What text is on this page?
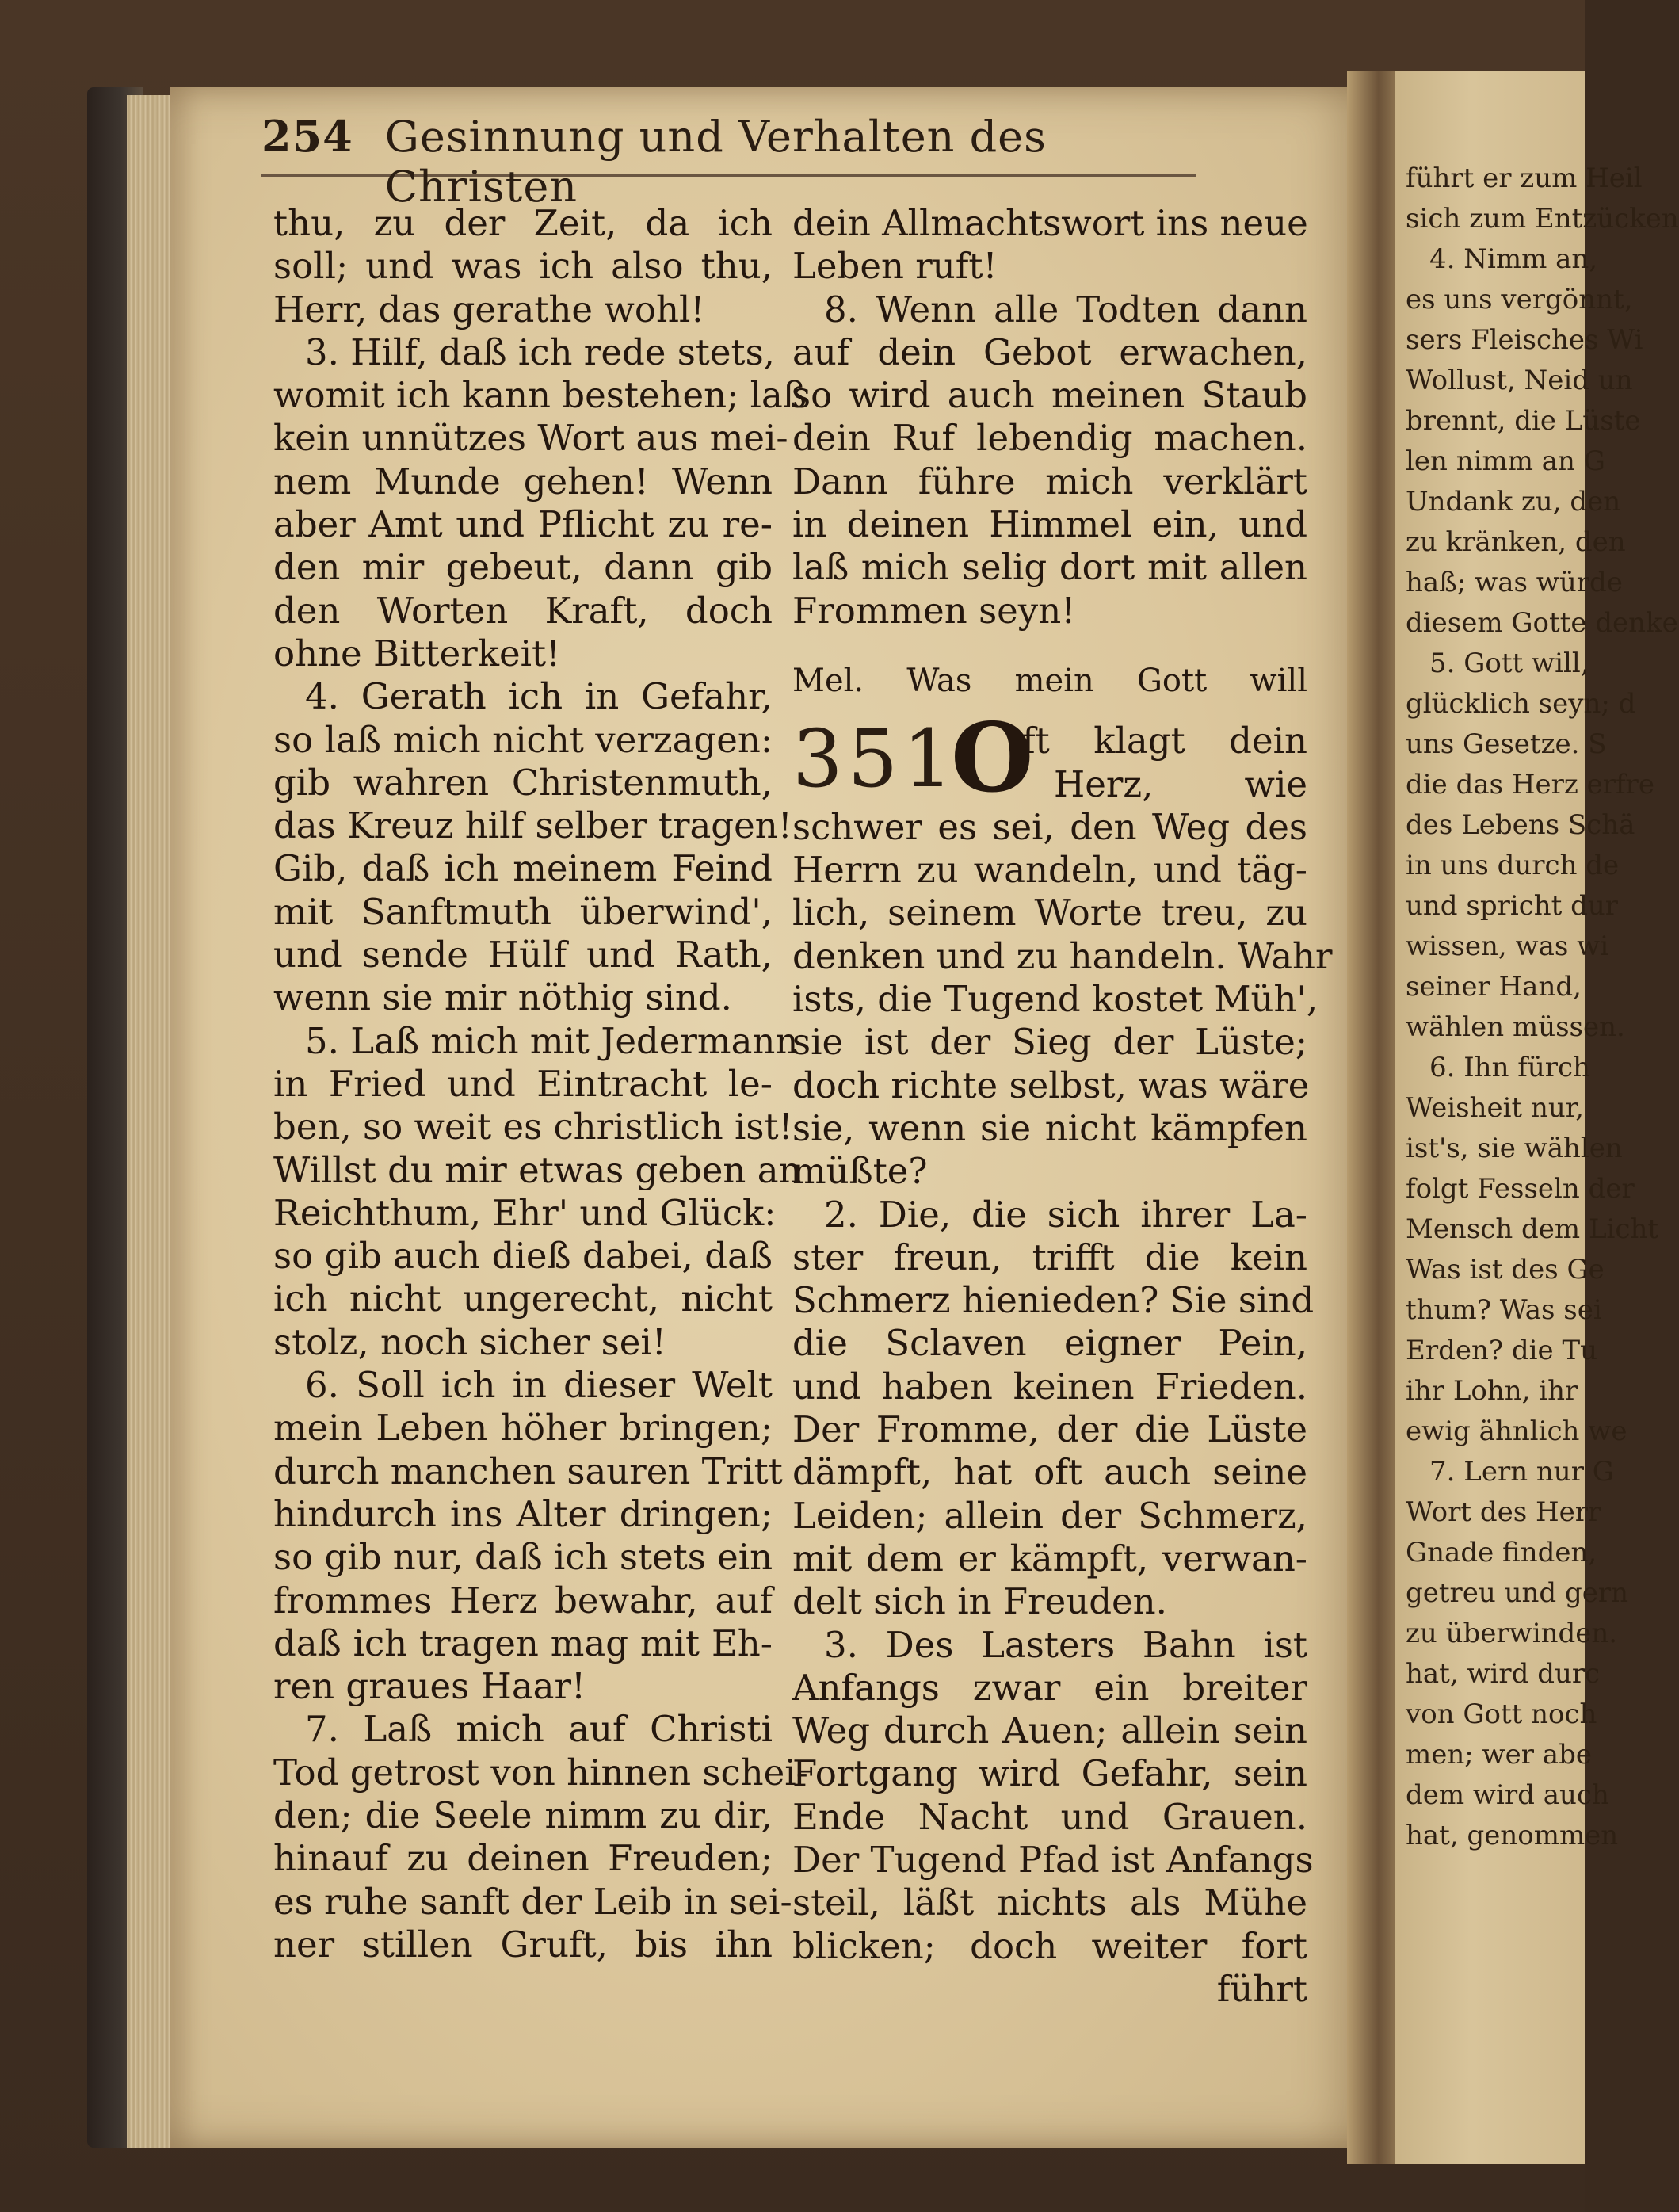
führt er zum Heil
sich zum Entzücken
4. Nimm an,
es uns vergönnt,
sers Fleisches Wi
Wollust, Neid un
brennt, die Lüste
len nimm an G
Undank zu, den
zu kränken, den
haß; was würde
diesem Gotte denke
5. Gott will,
glücklich seyn; d
uns Gesetze. S
die das Herz erfre
des Lebens Schä
in uns durch de
und spricht dur
wissen, was wi
seiner Hand,
wählen müssen.
6. Ihn fürch
Weisheit nur,
ist's, sie wählen
folgt Fesseln der
Mensch dem Licht
Was ist des Ge
thum? Was sei
Erden? die Tu
ihr Lohn, ihr
ewig ähnlich we
7. Lern nur G
Wort des Herr
Gnade finden,
getreu und gern
zu überwinden.
hat, wird durc
von Gott noch
men; wer abe
dem wird auch
hat, genommen
254 Gesinnung und Verhalten des Christen
thu, zu der Zeit, da ich
soll; und was ich also thu,
Herr, das gerathe wohl!
3. Hilf, daß ich rede stets,
womit ich kann bestehen; laß
kein unnützes Wort aus mei-
nem Munde gehen! Wenn
aber Amt und Pflicht zu re-
den mir gebeut, dann gib
den Worten Kraft, doch
ohne Bitterkeit!
4. Gerath ich in Gefahr,
so laß mich nicht verzagen:
gib wahren Christenmuth,
das Kreuz hilf selber tragen!
Gib, daß ich meinem Feind
mit Sanftmuth überwind',
und sende Hülf und Rath,
wenn sie mir nöthig sind.
5. Laß mich mit Jedermann
in Fried und Eintracht le-
ben, so weit es christlich ist!
Willst du mir etwas geben an
Reichthum, Ehr' und Glück:
so gib auch dieß dabei, daß
ich nicht ungerecht, nicht
stolz, noch sicher sei!
6. Soll ich in dieser Welt
mein Leben höher bringen;
durch manchen sauren Tritt
hindurch ins Alter dringen;
so gib nur, daß ich stets ein
frommes Herz bewahr, auf
daß ich tragen mag mit Eh-
ren graues Haar!
7. Laß mich auf Christi
Tod getrost von hinnen schei-
den; die Seele nimm zu dir,
hinauf zu deinen Freuden;
es ruhe sanft der Leib in sei-
ner stillen Gruft, bis ihn
dein Allmachtswort ins neue
Leben ruft!
8. Wenn alle Todten dann
auf dein Gebot erwachen,
so wird auch meinen Staub
dein Ruf lebendig machen.
Dann führe mich verklärt
in deinen Himmel ein, und
laß mich selig dort mit allen
Frommen seyn!
Mel. Was mein Gott will
351
O
ft klagt dein
Herz, wie
schwer es sei, den Weg des
Herrn zu wandeln, und täg-
lich, seinem Worte treu, zu
denken und zu handeln. Wahr
ists, die Tugend kostet Müh',
sie ist der Sieg der Lüste;
doch richte selbst, was wäre
sie, wenn sie nicht kämpfen
müßte?
2. Die, die sich ihrer La-
ster freun, trifft die kein
Schmerz hienieden? Sie sind
die Sclaven eigner Pein,
und haben keinen Frieden.
Der Fromme, der die Lüste
dämpft, hat oft auch seine
Leiden; allein der Schmerz,
mit dem er kämpft, verwan-
delt sich in Freuden.
3. Des Lasters Bahn ist
Anfangs zwar ein breiter
Weg durch Auen; allein sein
Fortgang wird Gefahr, sein
Ende Nacht und Grauen.
Der Tugend Pfad ist Anfangs
steil, läßt nichts als Mühe
blicken; doch weiter fort
führt
